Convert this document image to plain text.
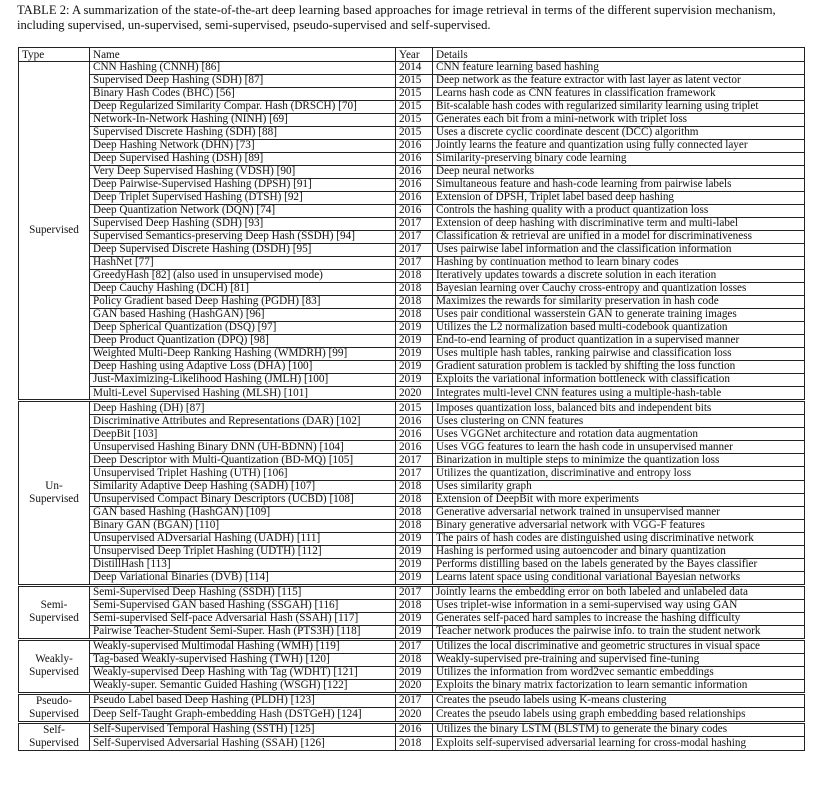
TABLE 2: A summarization of the state-of-the-art deep learning based approaches for image retrieval in terms of the different supervision mechanism, including supervised, un-supervised, semi-supervised, pseudo-supervised and self-supervised.
Type	Name	Year	Details
Supervised	CNN Hashing (CNNH) [86]	2014	CNN feature learning based hashing
	Supervised Deep Hashing (SDH) [87]	2015	Deep network as the feature extractor with last layer as latent vector
	Binary Hash Codes (BHC) [56]	2015	Learns hash code as CNN features in classification framework
	Deep Regularized Similarity Compar. Hash (DRSCH) [70]	2015	Bit-scalable hash codes with regularized similarity learning using triplet
	Network-In-Network Hashing (NINH) [69]	2015	Generates each bit from a mini-network with triplet loss
	Supervised Discrete Hashing (SDH) [88]	2015	Uses a discrete cyclic coordinate descent (DCC) algorithm
	Deep Hashing Network (DHN) [73]	2016	Jointly learns the feature and quantization using fully connected layer
	Deep Supervised Hashing (DSH) [89]	2016	Similarity-preserving binary code learning
	Very Deep Supervised Hashing (VDSH) [90]	2016	Deep neural networks
	Deep Pairwise-Supervised Hashing (DPSH) [91]	2016	Simultaneous feature and hash-code learning from pairwise labels
	Deep Triplet Supervised Hashing (DTSH) [92]	2016	Extension of DPSH, Triplet label based deep hashing
	Deep Quantization Network (DQN) [74]	2016	Controls the hashing quality with a product quantization loss
	Supervised Deep Hashing (SDH) [93]	2017	Extension of deep hashing with discriminative term and multi-label
	Supervised Semantics-preserving Deep Hash (SSDH) [94]	2017	Classification & retrieval are unified in a model for discriminativeness
	Deep Supervised Discrete Hashing (DSDH) [95]	2017	Uses pairwise label information and the classification information
	HashNet [77]	2017	Hashing by continuation method to learn binary codes
	GreedyHash [82] (also used in unsupervised mode)	2018	Iteratively updates towards a discrete solution in each iteration
	Deep Cauchy Hashing (DCH) [81]	2018	Bayesian learning over Cauchy cross-entropy and quantization losses
	Policy Gradient based Deep Hashing (PGDH) [83]	2018	Maximizes the rewards for similarity preservation in hash code
	GAN based Hashing (HashGAN) [96]	2018	Uses pair conditional wasserstein GAN to generate training images
	Deep Spherical Quantization (DSQ) [97]	2019	Utilizes the L2 normalization based multi-codebook quantization
	Deep Product Quantization (DPQ) [98]	2019	End-to-end learning of product quantization in a supervised manner
	Weighted Multi-Deep Ranking Hashing (WMDRH) [99]	2019	Uses multiple hash tables, ranking pairwise and classification loss
	Deep Hashing using Adaptive Loss (DHA) [100]	2019	Gradient saturation problem is tackled by shifting the loss function
	Just-Maximizing-Likelihood Hashing (JMLH) [100]	2019	Exploits the variational information bottleneck with classification
	Multi-Level Supervised Hashing (MLSH) [101]	2020	Integrates multi-level CNN features using a multiple-hash-table

Un-Supervised	Deep Hashing (DH) [87]	2015	Imposes quantization loss, balanced bits and independent bits
	Discriminative Attributes and Representations (DAR) [102]	2016	Uses clustering on CNN features
	DeepBit [103]	2016	Uses VGGNet architecture and rotation data augmentation
	Unsupervised Hashing Binary DNN (UH-BDNN) [104]	2016	Uses VGG features to learn the hash code in unsupervised manner
	Deep Descriptor with Multi-Quantization (BD-MQ) [105]	2017	Binarization in multiple steps to minimize the quantization loss
	Unsupervised Triplet Hashing (UTH) [106]	2017	Utilizes the quantization, discriminative and entropy loss
	Similarity Adaptive Deep Hashing (SADH) [107]	2018	Uses similarity graph
	Unsupervised Compact Binary Descriptors (UCBD) [108]	2018	Extension of DeepBit with more experiments
	GAN based Hashing (HashGAN) [109]	2018	Generative adversarial network trained in unsupervised manner
	Binary GAN (BGAN) [110]	2018	Binary generative adversarial network with VGG-F features
	Unsupervised ADversarial Hashing (UADH) [111]	2019	The pairs of hash codes are distinguished using discriminative network
	Unsupervised Deep Triplet Hashing (UDTH) [112]	2019	Hashing is performed using autoencoder and binary quantization
	DistillHash [113]	2019	Performs distilling based on the labels generated by the Bayes classifier
	Deep Variational Binaries (DVB) [114]	2019	Learns latent space using conditional variational Bayesian networks

Semi-Supervised	Semi-Supervised Deep Hashing (SSDH) [115]	2017	Jointly learns the embedding error on both labeled and unlabeled data
	Semi-Supervised GAN based Hashing (SSGAH) [116]	2018	Uses triplet-wise information in a semi-supervised way using GAN
	Semi-supervised Self-pace Adversarial Hash (SSAH) [117]	2019	Generates self-paced hard samples to increase the hashing difficulty
	Pairwise Teacher-Student Semi-Super. Hash (PTS3H) [118]	2019	Teacher network produces the pairwise info. to train the student network

Weakly-Supervised	Weakly-supervised Multimodal Hashing (WMH) [119]	2017	Utilizes the local discriminative and geometric structures in visual space
	Tag-based Weakly-supervised Hashing (TWH) [120]	2018	Weakly-supervised pre-training and supervised fine-tuning
	Weakly-supervised Deep Hashing with Tag (WDHT) [121]	2019	Utilizes the information from word2vec semantic embeddings
	Weakly-super. Semantic Guided Hashing (WSGH) [122]	2020	Exploits the binary matrix factorization to learn semantic information

Pseudo-Supervised	Pseudo Label based Deep Hashing (PLDH) [123]	2017	Creates the pseudo labels using K-means clustering
	Deep Self-Taught Graph-embedding Hash (DSTGeH) [124]	2020	Creates the pseudo labels using graph embedding based relationships

Self-Supervised	Self-Supervised Temporal Hashing (SSTH) [125]	2016	Utilizes the binary LSTM (BLSTM) to generate the binary codes
	Self-Supervised Adversarial Hashing (SSAH) [126]	2018	Exploits self-supervised adversarial learning for cross-modal hashing
